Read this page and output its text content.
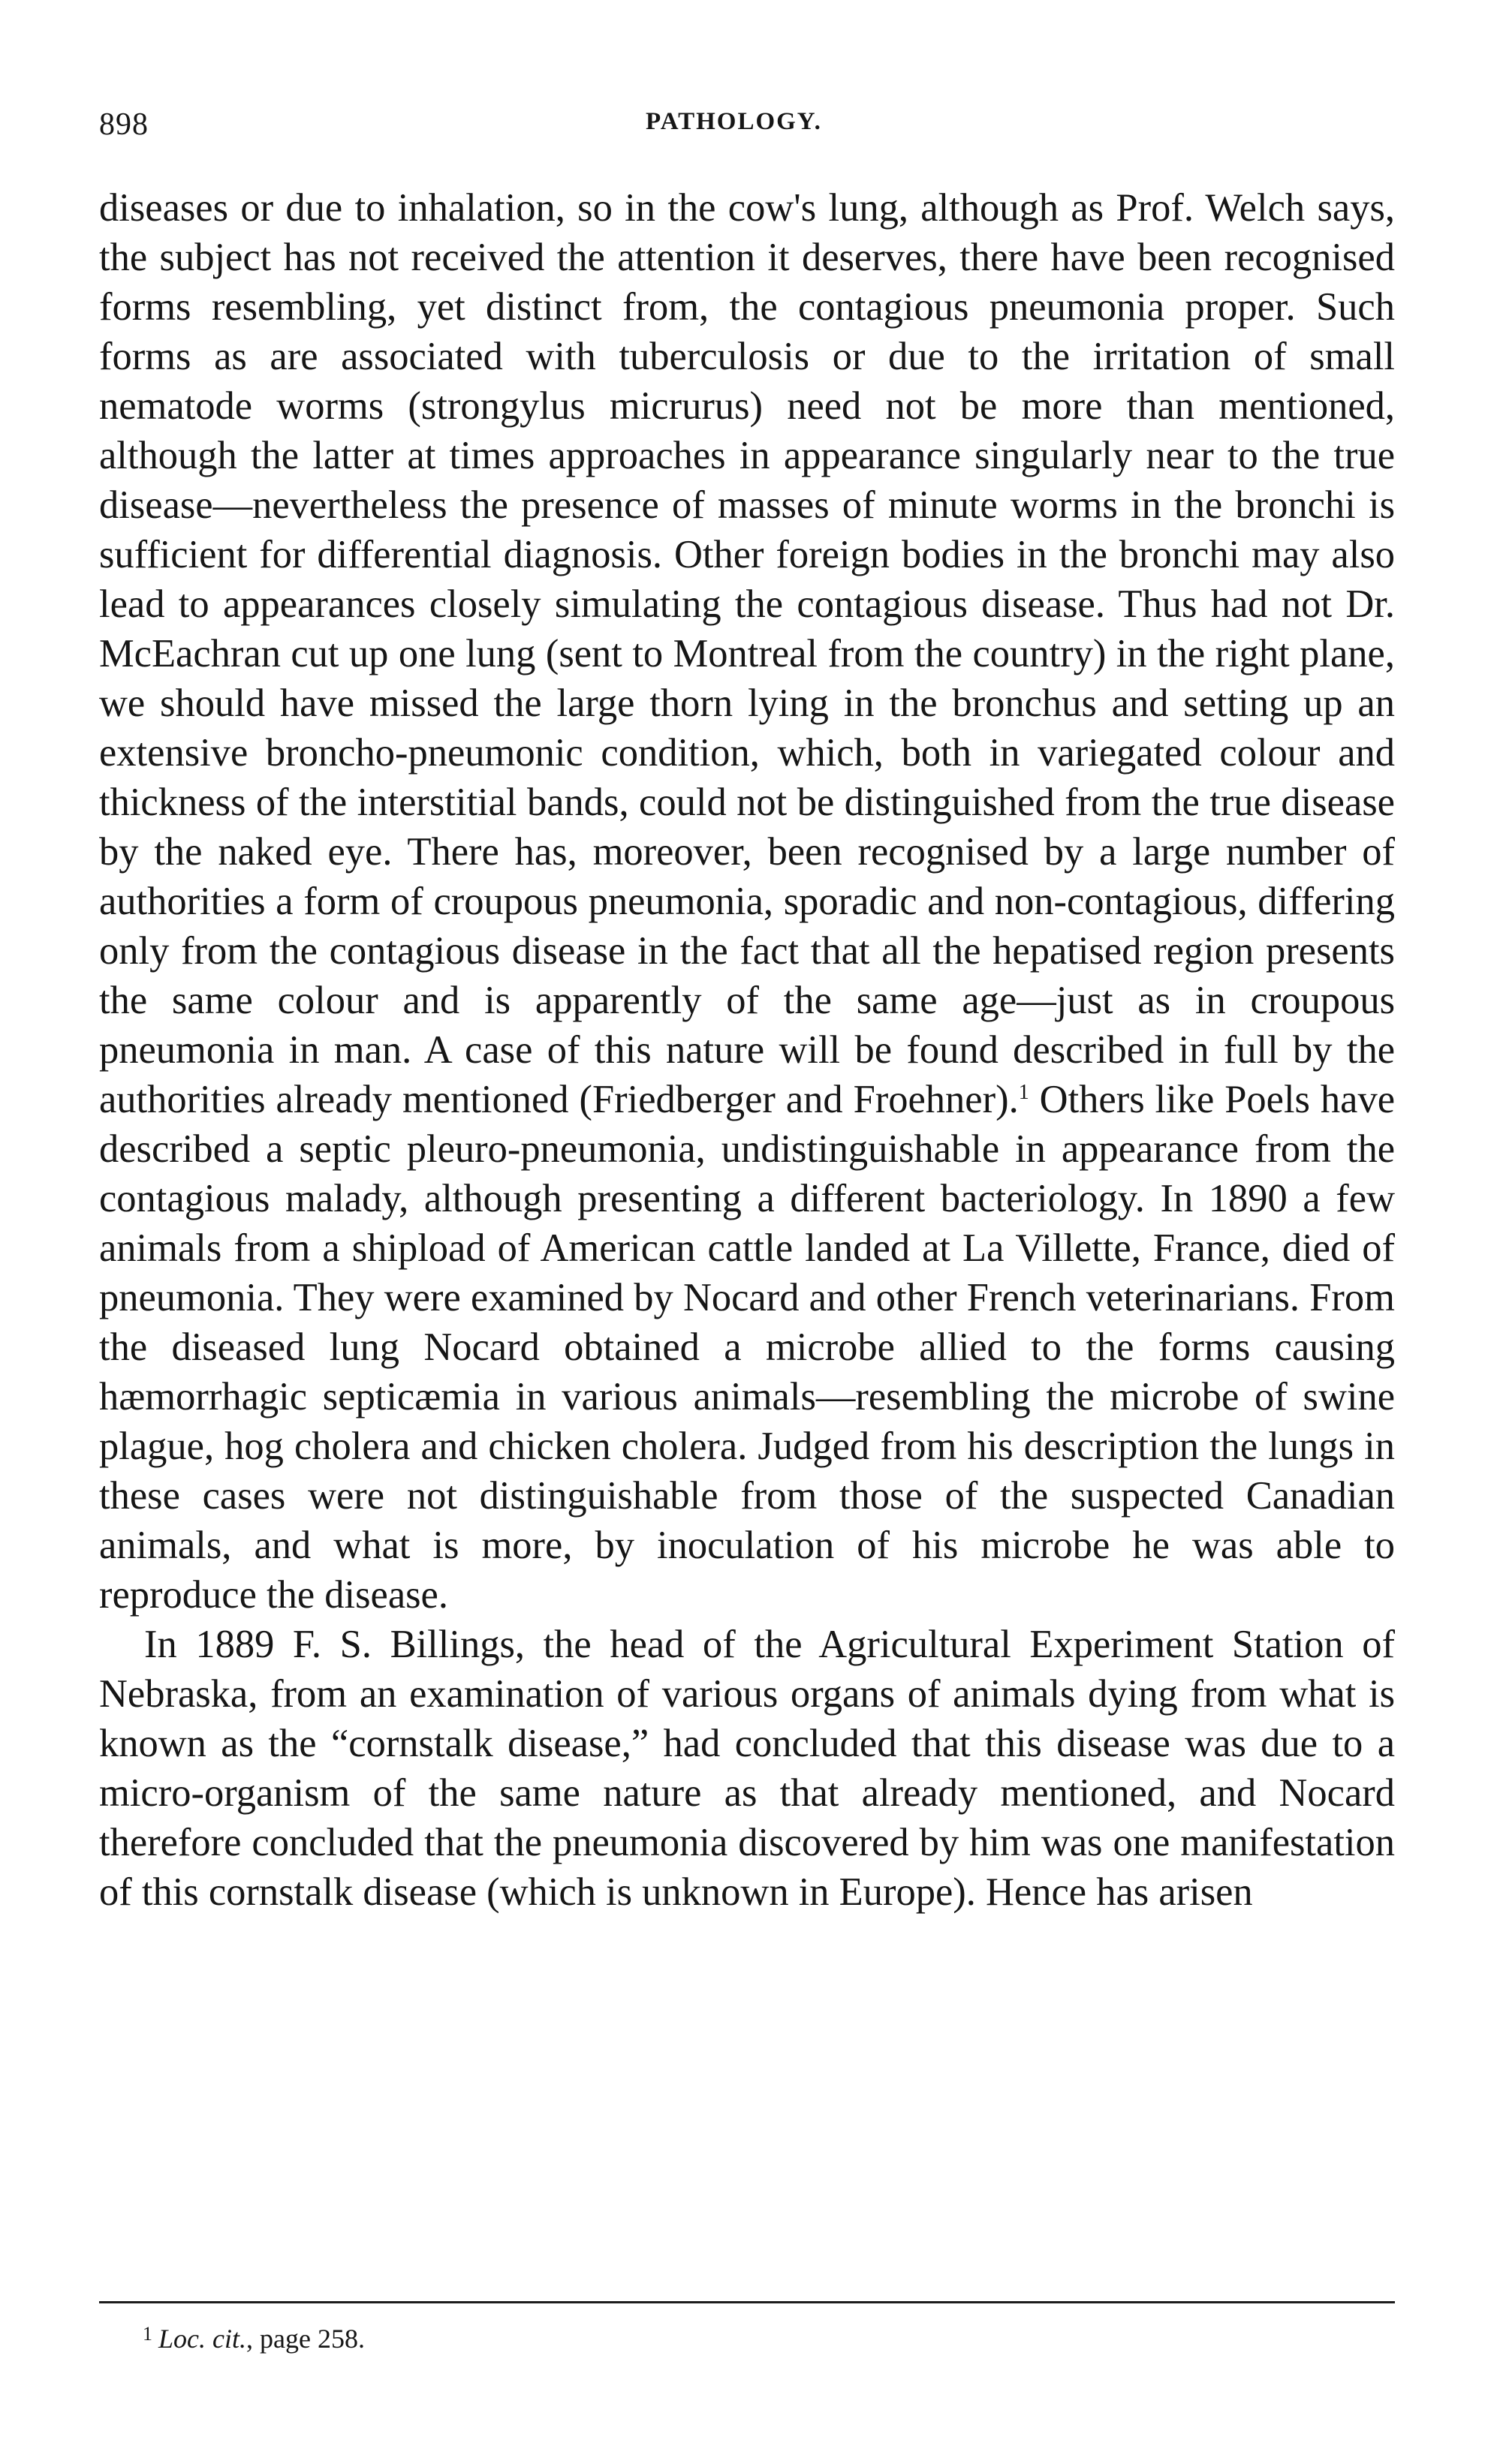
898	PATHOLOGY.

diseases or due to inhalation, so in the cow's lung, although as Prof. Welch says, the subject has not received the attention it deserves, there have been recognised forms resembling, yet distinct from, the contagious pneumonia proper. Such forms as are associated with tuberculosis or due to the irritation of small nematode worms (strongylus micrurus) need not be more than mentioned, although the latter at times approaches in appearance singularly near to the true disease—nevertheless the presence of masses of minute worms in the bronchi is sufficient for differential diagnosis. Other foreign bodies in the bronchi may also lead to appearances closely simulating the contagious disease. Thus had not Dr. McEachran cut up one lung (sent to Montreal from the country) in the right plane, we should have missed the large thorn lying in the bronchus and setting up an extensive broncho-pneumonic condition, which, both in variegated colour and thickness of the interstitial bands, could not be distinguished from the true disease by the naked eye. There has, moreover, been recognised by a large number of authorities a form of croupous pneumonia, sporadic and non-contagious, differing only from the contagious disease in the fact that all the hepatised region presents the same colour and is apparently of the same age—just as in croupous pneumonia in man. A case of this nature will be found described in full by the authorities already mentioned (Friedberger and Froehner).$^1$ Others like Poels have described a septic pleuro-pneumonia, undistinguishable in appearance from the contagious malady, although presenting a different bacteriology. In 1890 a few animals from a shipload of American cattle landed at La Villette, France, died of pneumonia. They were examined by Nocard and other French veterinarians. From the diseased lung Nocard obtained a microbe allied to the forms causing hæmorrhagic septicæmia in various animals—resembling the microbe of swine plague, hog cholera and chicken cholera. Judged from his description the lungs in these cases were not distinguishable from those of the suspected Canadian animals, and what is more, by inoculation of his microbe he was able to reproduce the disease.

In 1889 F. S. Billings, the head of the Agricultural Experiment Station of Nebraska, from an examination of various organs of animals dying from what is known as the “cornstalk disease,” had concluded that this disease was due to a micro-organism of the same nature as that already mentioned, and Nocard therefore concluded that the pneumonia discovered by him was one manifestation of this cornstalk disease (which is unknown in Europe). Hence has arisen

$^1$ Loc. cit., page 258.
